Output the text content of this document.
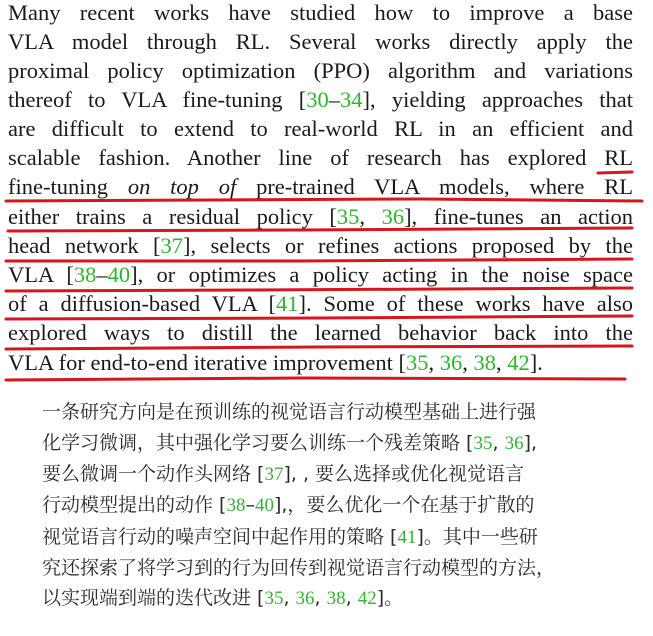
Many recent works have studied how to improve a base
VLA model through RL. Several works directly apply the
proximal policy optimization (PPO) algorithm and variations
thereof to VLA fine-tuning [30–34], yielding approaches that
are difficult to extend to real-world RL in an efficient and
scalable fashion. Another line of research has explored RL
fine-tuning on top of pre-trained VLA models, where RL
either trains a residual policy [35, 36], fine-tunes an action
head network [37], selects or refines actions proposed by the
VLA [38–40], or optimizes a policy acting in the noise space
of a diffusion-based VLA [41]. Some of these works have also
explored ways to distill the learned behavior back into the
VLA for end-to-end iterative improvement [35, 36, 38, 42].
一条研究方向是在预训练的视觉语言行动模型基础上进行强
化学习微调，其中强化学习要么训练一个残差策略 [35, 36],
要么微调一个动作头网络 [37], , 要么选择或优化视觉语言
行动模型提出的动作 [38–40],，要么优化一个在基于扩散的
视觉语言行动的噪声空间中起作用的策略 [41]。其中一些研
究还探索了将学习到的行为回传到视觉语言行动模型的方法，
以实现端到端的迭代改进 [35, 36, 38, 42]。
